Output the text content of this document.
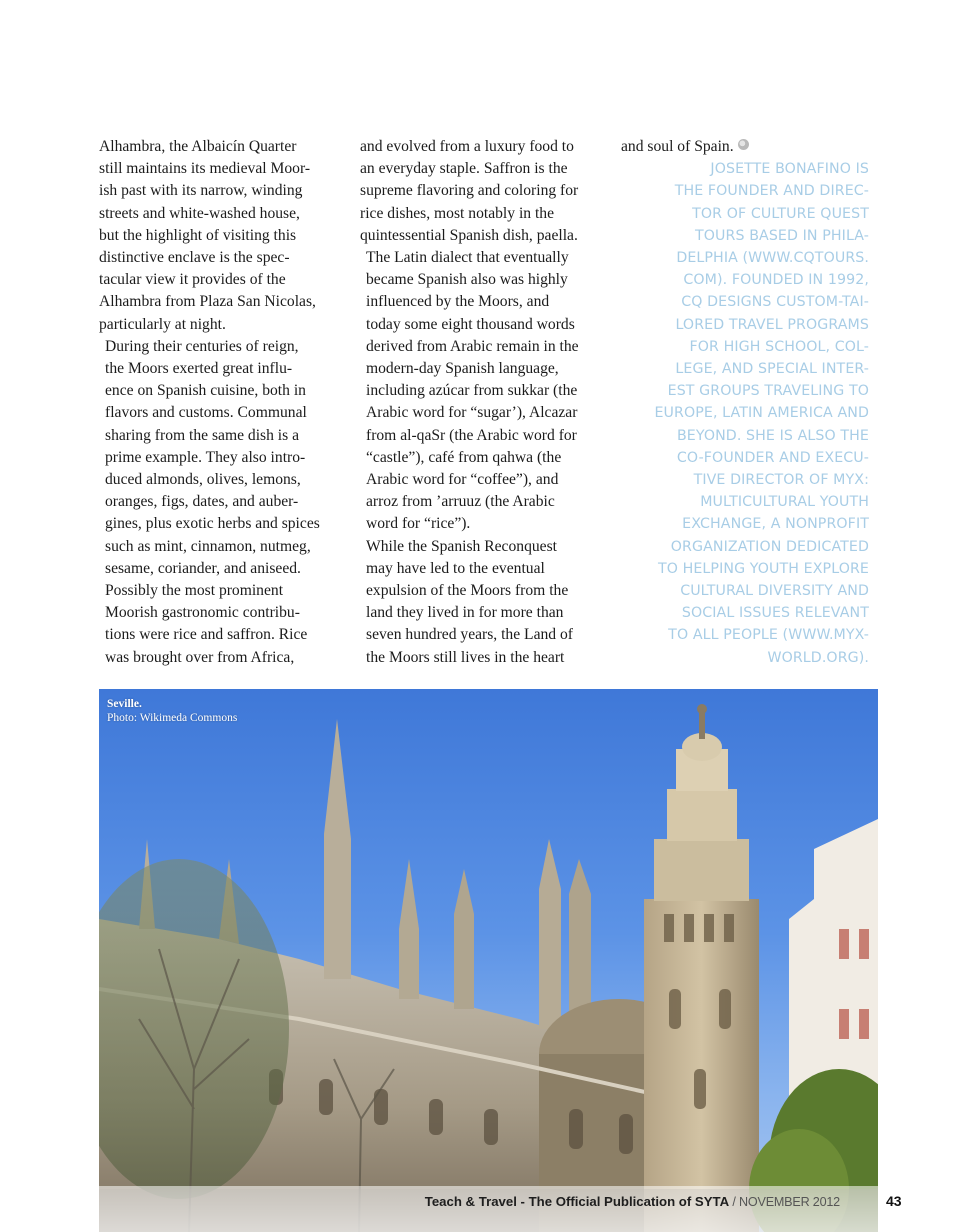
Alhambra, the Albaicín Quarter
still maintains its medieval Moor-
ish past with its narrow, winding
streets and white-washed house,
but the highlight of visiting this
distinctive enclave is the spec-
tacular view it provides of the
Alhambra from Plaza San Nicolas,
particularly at night.

During their centuries of reign,
the Moors exerted great influ-
ence on Spanish cuisine, both in
flavors and customs. Communal
sharing from the same dish is a
prime example. They also intro-
duced almonds, olives, lemons,
oranges, figs, dates, and auber-
gines, plus exotic herbs and spices
such as mint, cinnamon, nutmeg,
sesame, coriander, and aniseed.
Possibly the most prominent
Moorish gastronomic contribu-
tions were rice and saffron. Rice
was brought over from Africa,

and evolved from a luxury food to
an everyday staple. Saffron is the
supreme flavoring and coloring for
rice dishes, most notably in the
quintessential Spanish dish, paella.

The Latin dialect that eventually
became Spanish also was highly
influenced by the Moors, and
today some eight thousand words
derived from Arabic remain in the
modern-day Spanish language,
including azúcar from sukkar (the
Arabic word for “sugar’), Alcazar
from al-qaSr (the Arabic word for
“castle”), café from qahwa (the
Arabic word for “coffee”), and
arroz from ’arruuz (the Arabic
word for “rice”).

While the Spanish Reconquest
may have led to the eventual
expulsion of the Moors from the
land they lived in for more than
seven hundred years, the Land of
the Moors still lives in the heart

and soul of Spain.

JOSETTE BONAFINO IS
THE FOUNDER AND DIREC-
TOR OF CULTURE QUEST
TOURS BASED IN PHILA-
DELPHIA (WWW.CQTOURS.
COM). FOUNDED IN 1992,
CQ DESIGNS CUSTOM-TAI-
LORED TRAVEL PROGRAMS
FOR HIGH SCHOOL, COL-
LEGE, AND SPECIAL INTER-
EST GROUPS TRAVELING TO
EUROPE, LATIN AMERICA AND
BEYOND. SHE IS ALSO THE
CO-FOUNDER AND EXECU-
TIVE DIRECTOR OF MYX:
MULTICULTURAL YOUTH
EXCHANGE, A NONPROFIT
ORGANIZATION DEDICATED
TO HELPING YOUTH EXPLORE
CULTURAL DIVERSITY AND
SOCIAL ISSUES RELEVANT
TO ALL PEOPLE (WWW.MYX-
WORLD.ORG).
Seville.
Photo: Wikimeda Commons
Teach & Travel - The Official Publication of SYTA / NOVEMBER 2012	43
